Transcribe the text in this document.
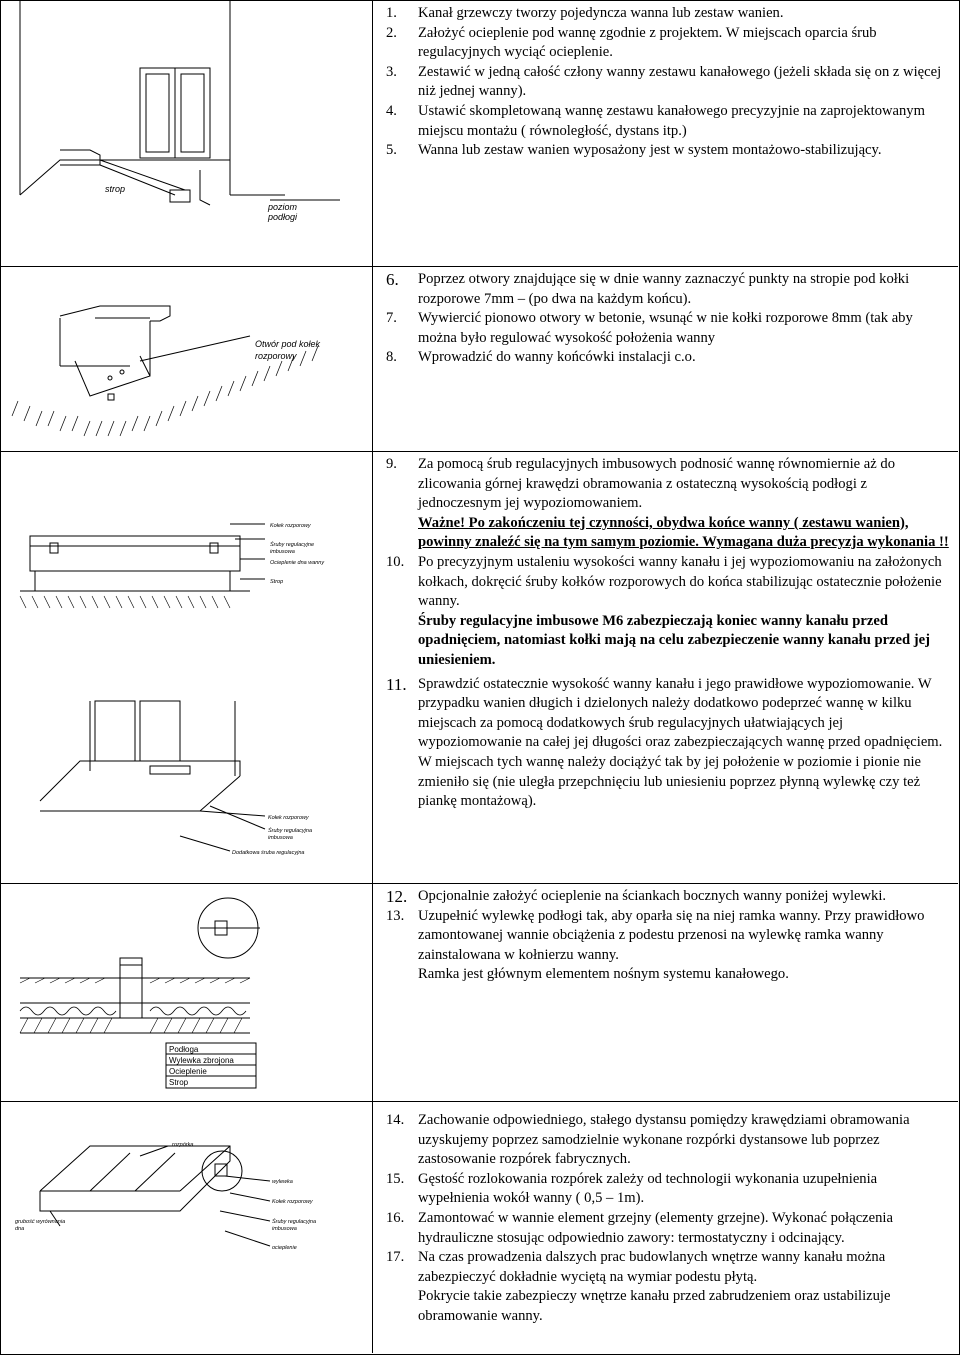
strop
poziom
podłogi
1. Kanał grzewczy tworzy pojedyncza wanna lub zestaw wanien.
2. Założyć ocieplenie pod wannę zgodnie z projektem. W miejscach oparcia śrub regulacyjnych wyciąć ocieplenie.
3. Zestawić w jedną całość człony wanny zestawu kanałowego (jeżeli składa się on z więcej niż jednej wanny).
4. Ustawić skompletowaną wannę zestawu kanałowego precyzyjnie na zaprojektowanym miejscu montażu ( równoległość, dystans itp.)
5. Wanna lub zestaw wanien wyposażony jest w system montażowo-stabilizujący.
Otwór pod kołek
rozporowy
6. Poprzez otwory znajdujące się w dnie wanny zaznaczyć punkty na stropie pod kołki rozporowe 7mm – (po dwa na każdym końcu).
7. Wywiercić pionowo otwory w betonie, wsunąć w nie kołki rozporowe 8mm (tak aby można było regulować wysokość położenia wanny
8. Wprowadzić do wanny końcówki instalacji c.o.
Kołek rozporowy
Śruby regulacyjne
imbusowa
Ocieplenie dna wanny
Strop
Kołek rozporowy
Śruby regulacyjna
imbusowa
Dodatkowa śruba regulacyjna
9. Za pomocą śrub regulacyjnych imbusowych podnosić wannę równomiernie aż do zlicowania górnej krawędzi obramowania z ostateczną wysokością podłogi z jednoczesnym jej wypoziomowaniem.
Ważne! Po zakończeniu tej czynności, obydwa końce wanny ( zestawu wanien), powinny znaleźć się na tym samym poziomie. Wymagana duża precyzja wykonania !!
10. Po precyzyjnym ustaleniu wysokości wanny kanału i jej wypoziomowaniu na założonych kołkach, dokręcić śruby kołków rozporowych do końca stabilizując ostatecznie położenie wanny.
Śruby regulacyjne imbusowe M6 zabezpieczają koniec wanny kanału przed opadnięciem, natomiast kołki mają na celu zabezpieczenie wanny kanału przed jej uniesieniem.
11. Sprawdzić ostatecznie wysokość wanny kanału i jego prawidłowe wypoziomowanie. W przypadku wanien długich i dzielonych należy dodatkowo podeprzeć wannę w kilku miejscach za pomocą dodatkowych śrub regulacyjnych ułatwiających jej wypoziomowanie na całej jej długości oraz zabezpieczających wannę przed opadnięciem. W miejscach tych wannę należy dociążyć tak by jej położenie w poziomie i pionie nie zmieniło się (nie uległa przepchnięciu lub uniesieniu poprzez płynną wylewkę czy też piankę montażową).
Podłoga
Wylewka zbrojona
Ocieplenie
Strop
12. Opcjonalnie założyć ocieplenie na ściankach bocznych wanny poniżej wylewki.
13. Uzupełnić wylewkę podłogi tak, aby oparła się na niej ramka wanny. Przy prawidłowo zamontowanej wannie obciążenia z podestu przenosi na wylewkę ramka wanny zainstalowana w kołnierzu wanny.
Ramka jest głównym elementem nośnym systemu kanałowego.
rozpórka
wylewka
grubość wyrównania
dna
Kołek rozporowy
Śruby regulacyjna
imbusowa
ocieplenie
14. Zachowanie odpowiedniego, stałego dystansu pomiędzy krawędziami obramowania uzyskujemy poprzez samodzielnie wykonane rozpórki dystansowe lub poprzez zastosowanie rozpórek fabrycznych.
15. Gęstość rozlokowania rozpórek zależy od technologii wykonania uzupełnienia wypełnienia wokół wanny ( 0,5 – 1m).
16. Zamontować w wannie element grzejny (elementy grzejne). Wykonać połączenia hydrauliczne stosując odpowiednio zawory: termostatyczny i odcinający.
17. Na czas prowadzenia dalszych prac budowlanych wnętrze wanny kanału można zabezpieczyć dokładnie wyciętą na wymiar podestu płytą.
Pokrycie takie zabezpieczy wnętrze kanału przed zabrudzeniem oraz ustabilizuje obramowanie wanny.
